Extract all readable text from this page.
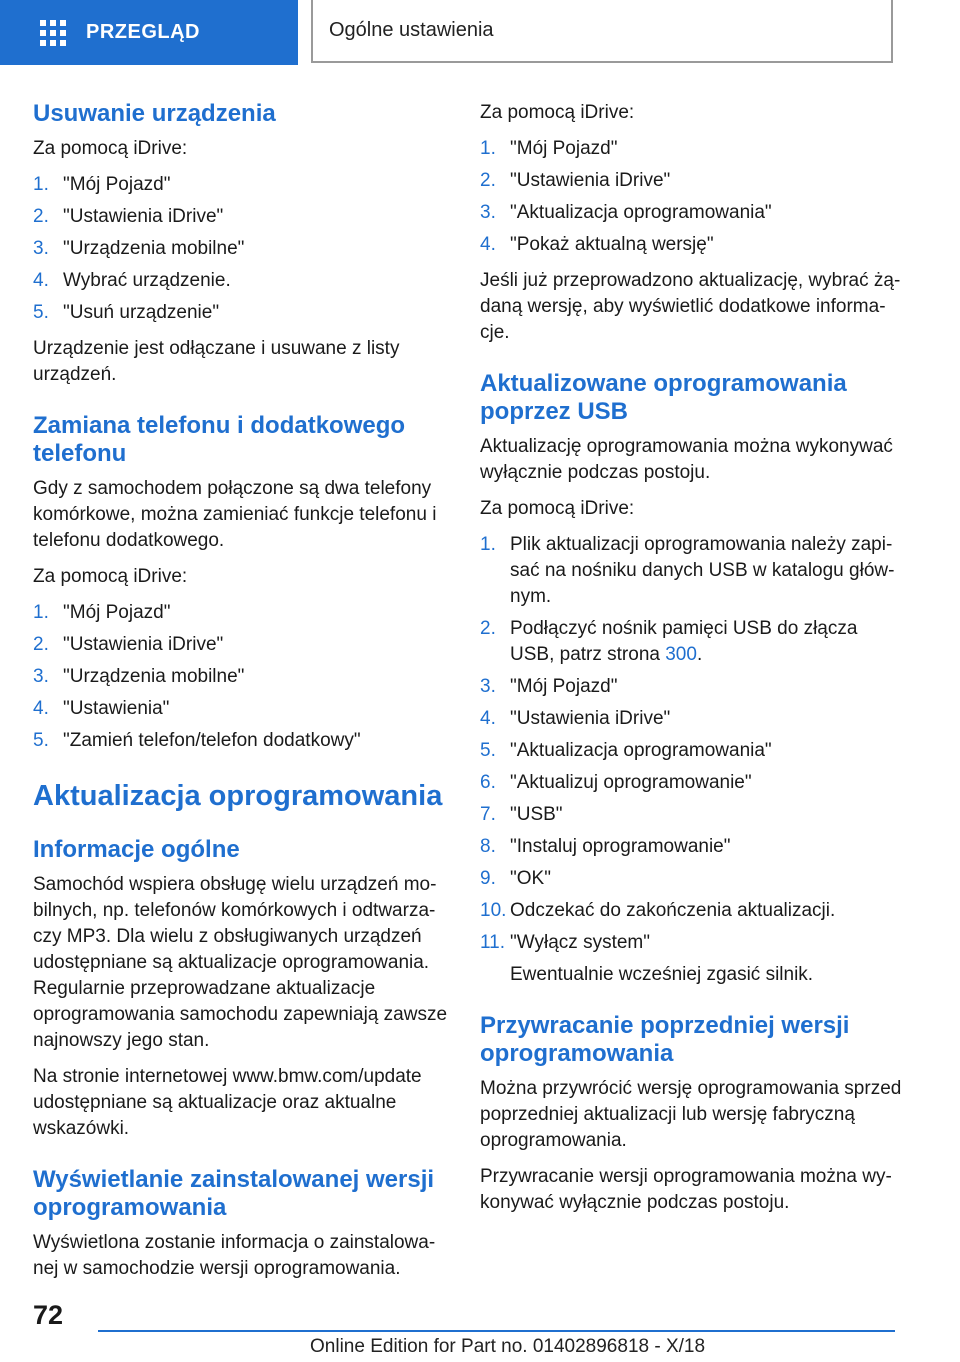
PRZEGLĄD	Ogólne ustawienia
Usuwanie urządzenia

Za pomocą iDrive:

1. "Mój Pojazd"
2. "Ustawienia iDrive"
3. "Urządzenia mobilne"
4. Wybrać urządzenie.
5. "Usuń urządzenie"

Urządzenie jest odłączane i usuwane z listy urządzeń.

Zamiana telefonu i dodatkowego telefonu

Gdy z samochodem połączone są dwa telefony komórkowe, można zamieniać funkcje telefonu i telefonu dodatkowego.

Za pomocą iDrive:

1. "Mój Pojazd"
2. "Ustawienia iDrive"
3. "Urządzenia mobilne"
4. "Ustawienia"
5. "Zamień telefon/telefon dodatkowy"
Aktualizacja oprogramowania
Informacje ogólne

Samochód wspiera obsługę wielu urządzeń mobilnych, np. telefonów komórkowych i odtwarzaczy MP3. Dla wielu z obsługiwanych urządzeń udostępniane są aktualizacje oprogramowania. Regularnie przeprowadzane aktualizacje oprogramowania samochodu zapewniają zawsze najnowszy jego stan.

Na stronie internetowej www.bmw.com/update udostępniane są aktualizacje oraz aktualne wskazówki.

Wyświetlanie zainstalowanej wersji oprogramowania

Wyświetlona zostanie informacja o zainstalowanej w samochodzie wersji oprogramowania.

Za pomocą iDrive:

1. "Mój Pojazd"
2. "Ustawienia iDrive"
3. "Aktualizacja oprogramowania"
4. "Pokaż aktualną wersję"

Jeśli już przeprowadzono aktualizację, wybrać żądaną wersję, aby wyświetlić dodatkowe informacje.

Aktualizowane oprogramowania poprzez USB

Aktualizację oprogramowania można wykonywać wyłącznie podczas postoju.

Za pomocą iDrive:

1. Plik aktualizacji oprogramowania należy zapisać na nośniku danych USB w katalogu głównym.
2. Podłączyć nośnik pamięci USB do złącza USB, patrz strona 300.
3. "Mój Pojazd"
4. "Ustawienia iDrive"
5. "Aktualizacja oprogramowania"
6. "Aktualizuj oprogramowanie"
7. "USB"
8. "Instaluj oprogramowanie"
9. "OK"
10. Odczekać do zakończenia aktualizacji.
11. "Wyłącz system"
Ewentualnie wcześniej zgasić silnik.
Przywracanie poprzedniej wersji oprogramowania

Można przywrócić wersję oprogramowania sprzed poprzedniej aktualizacji lub wersję fabryczną oprogramowania.

Przywracanie wersji oprogramowania można wykonywać wyłącznie podczas postoju.

72
Online Edition for Part no. 01402896818 - X/18
